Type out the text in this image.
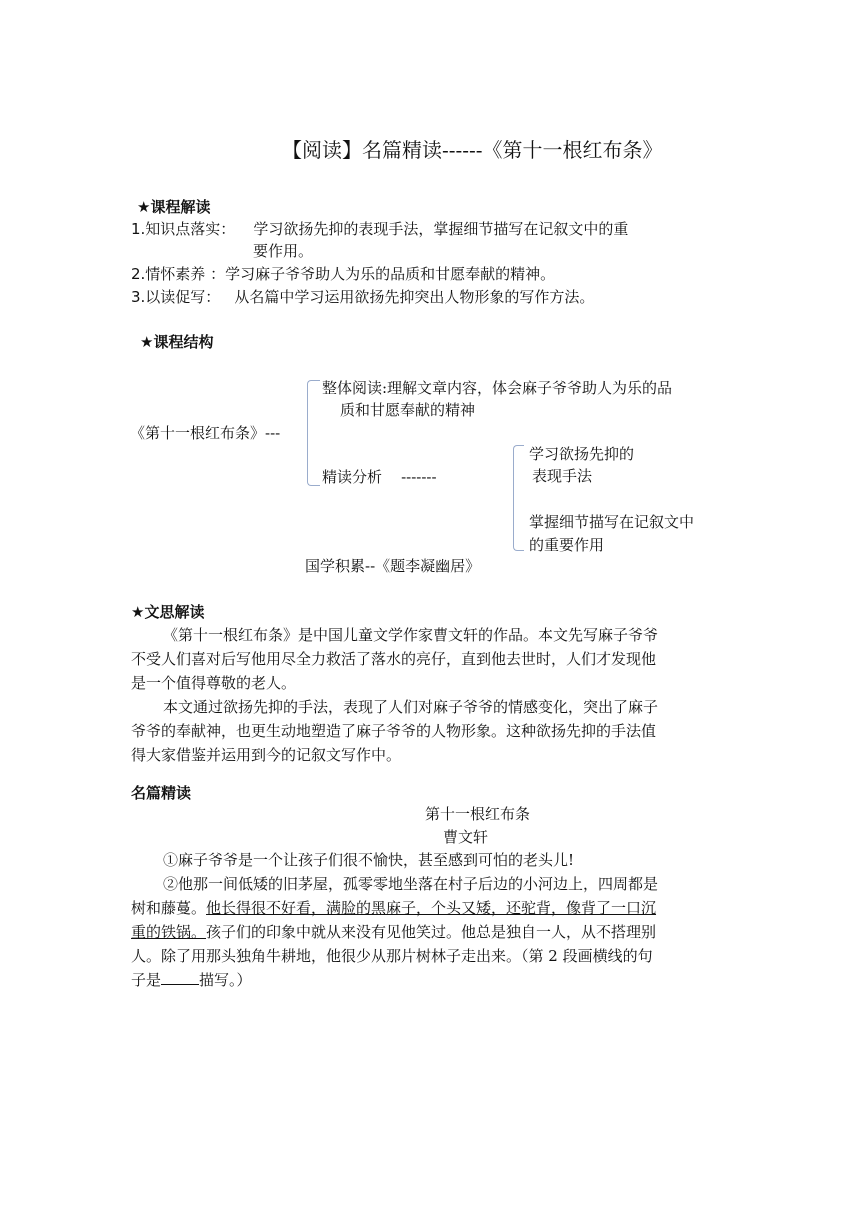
【阅读】名篇精读------《第十一根红布条》
★课程解读
1.知识点落实： 学习欲扬先抑的表现手法，掌握细节描写在记叙文中的重
要作用。
2.情怀素养 ：学习麻子爷爷助人为乐的品质和甘愿奉献的精神。
3.以读促写： 从名篇中学习运用欲扬先抑突出人物形象的写作方法。
★课程结构
《第十一根红布条》---
整体阅读:理解文章内容，体会麻子爷爷助人为乐的品
质和甘愿奉献的精神
精读分析    -------
学习欲扬先抑的
表现手法
掌握细节描写在记叙文中
的重要作用
国学积累--《题李凝幽居》
★文思解读

《第十一根红布条》是中国儿童文学作家曹文轩的作品。本文先写麻子爷爷

不受人们喜对后写他用尽全力救活了落水的亮仔，直到他去世时，人们才发现他

是一个值得尊敬的老人。

本文通过欲扬先抑的手法，表现了人们对麻子爷爷的情感变化，突出了麻子

爷爷的奉献神，也更生动地塑造了麻子爷爷的人物形象。这种欲扬先抑的手法值

得大家借鉴并运用到今的记叙文写作中。

名篇精读
第十一根红布条
曹文轩

①麻子爷爷是一个让孩子们很不愉快，甚至感到可怕的老头儿!

②他那一间低矮的旧茅屋，孤零零地坐落在村子后边的小河边上，四周都是

树和藤蔓。他长得很不好看，满脸的黑麻子，个头又矮，还驼背，像背了一口沉

重的铁锅。孩子们的印象中就从来没有见他笑过。他总是独自一人，从不搭理别

人。除了用那头独角牛耕地，他很少从那片树林子走出来。（第 2 段画横线的句

子是	描写。）
